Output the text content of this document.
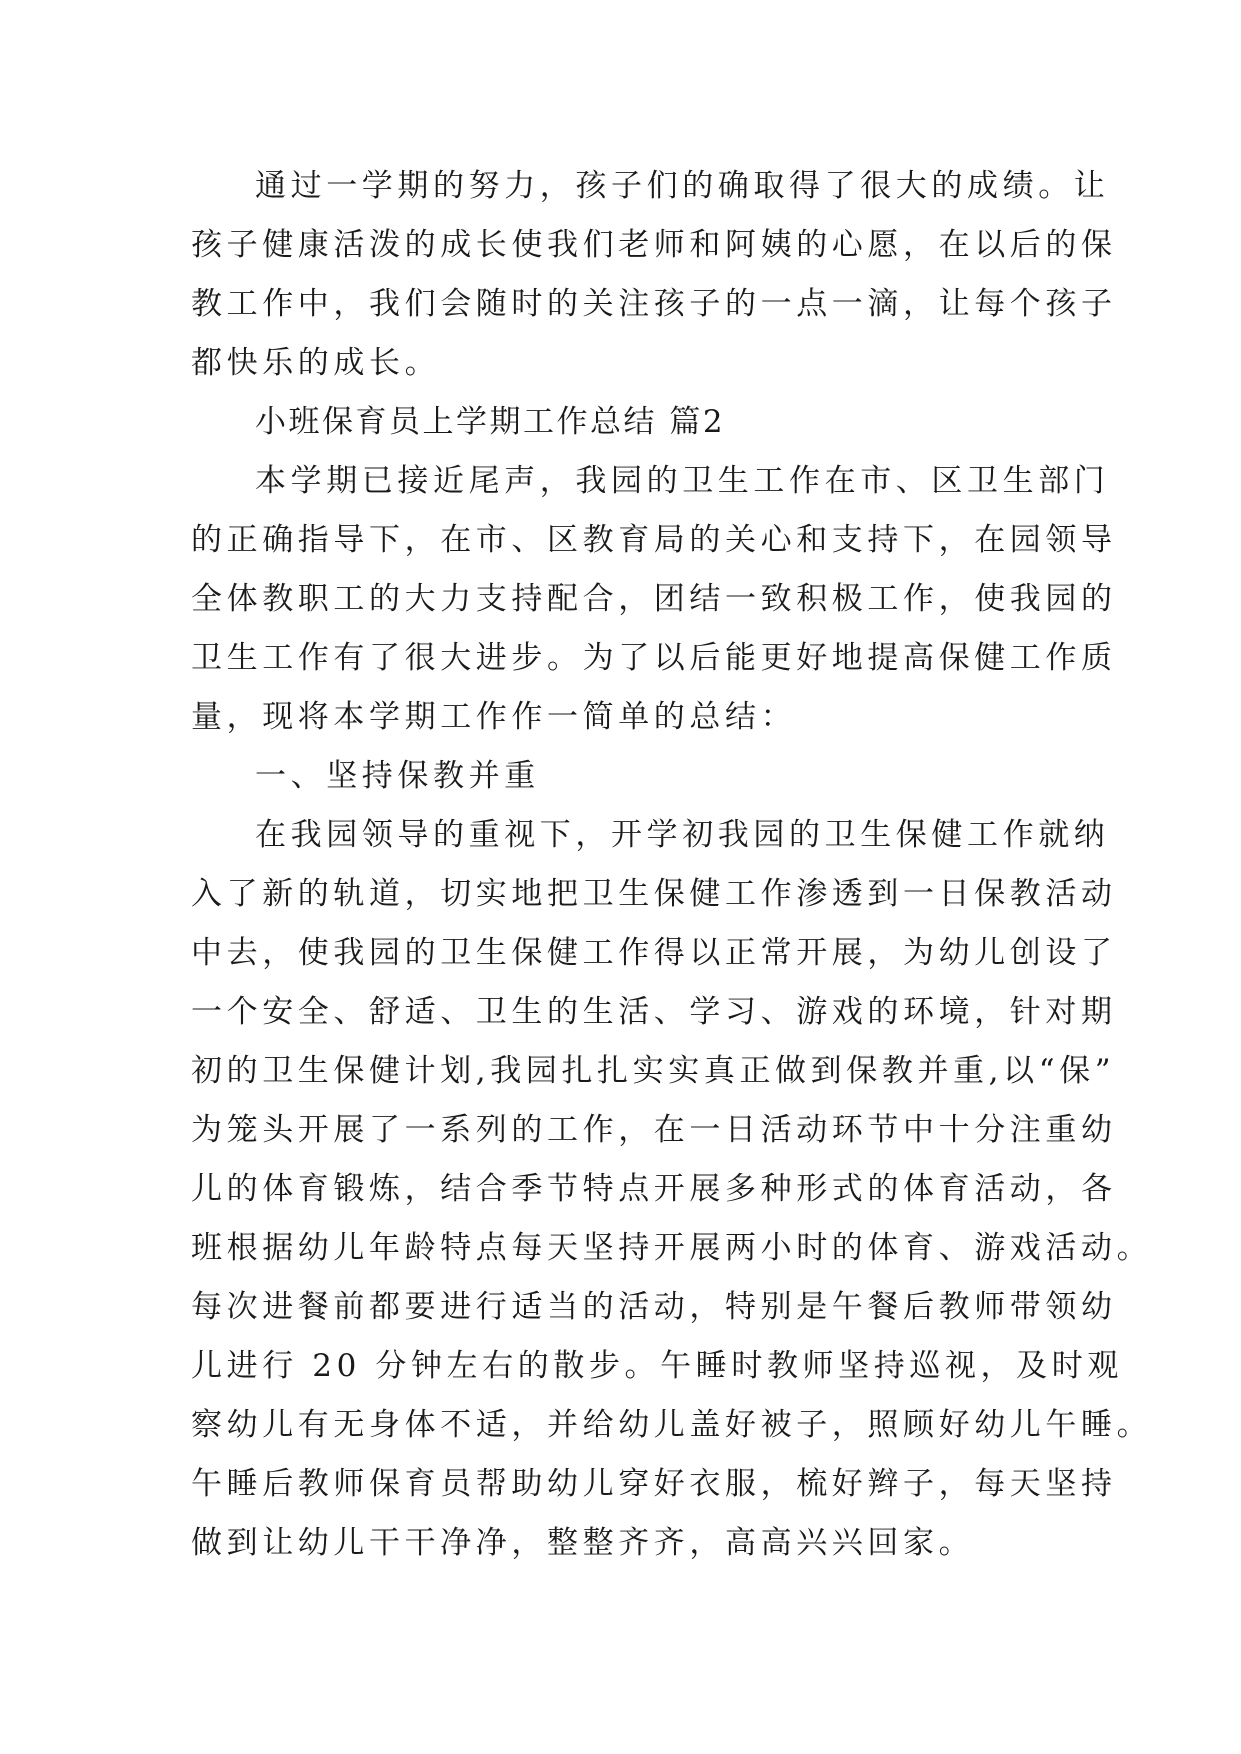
通过一学期的努力，孩子们的确取得了很大的成绩。让
孩子健康活泼的成长使我们老师和阿姨的心愿，在以后的保
教工作中，我们会随时的关注孩子的一点一滴，让每个孩子
都快乐的成长。
小班保育员上学期工作总结 篇2
本学期已接近尾声，我园的卫生工作在市、区卫生部门
的正确指导下，在市、区教育局的关心和支持下，在园领导
全体教职工的大力支持配合，团结一致积极工作，使我园的
卫生工作有了很大进步。为了以后能更好地提高保健工作质
量，现将本学期工作作一简单的总结：
一、坚持保教并重
在我园领导的重视下，开学初我园的卫生保健工作就纳
入了新的轨道，切实地把卫生保健工作渗透到一日保教活动
中去，使我园的卫生保健工作得以正常开展，为幼儿创设了
一个安全、舒适、卫生的生活、学习、游戏的环境，针对期
初的卫生保健计划,我园扎扎实实真正做到保教并重,以“保”
为笼头开展了一系列的工作，在一日活动环节中十分注重幼
儿的体育锻炼，结合季节特点开展多种形式的体育活动，各
班根据幼儿年龄特点每天坚持开展两小时的体育、游戏活动。
每次进餐前都要进行适当的活动，特别是午餐后教师带领幼
儿进行 20 分钟左右的散步。午睡时教师坚持巡视，及时观
察幼儿有无身体不适，并给幼儿盖好被子，照顾好幼儿午睡。
午睡后教师保育员帮助幼儿穿好衣服，梳好辫子，每天坚持
做到让幼儿干干净净，整整齐齐，高高兴兴回家。
